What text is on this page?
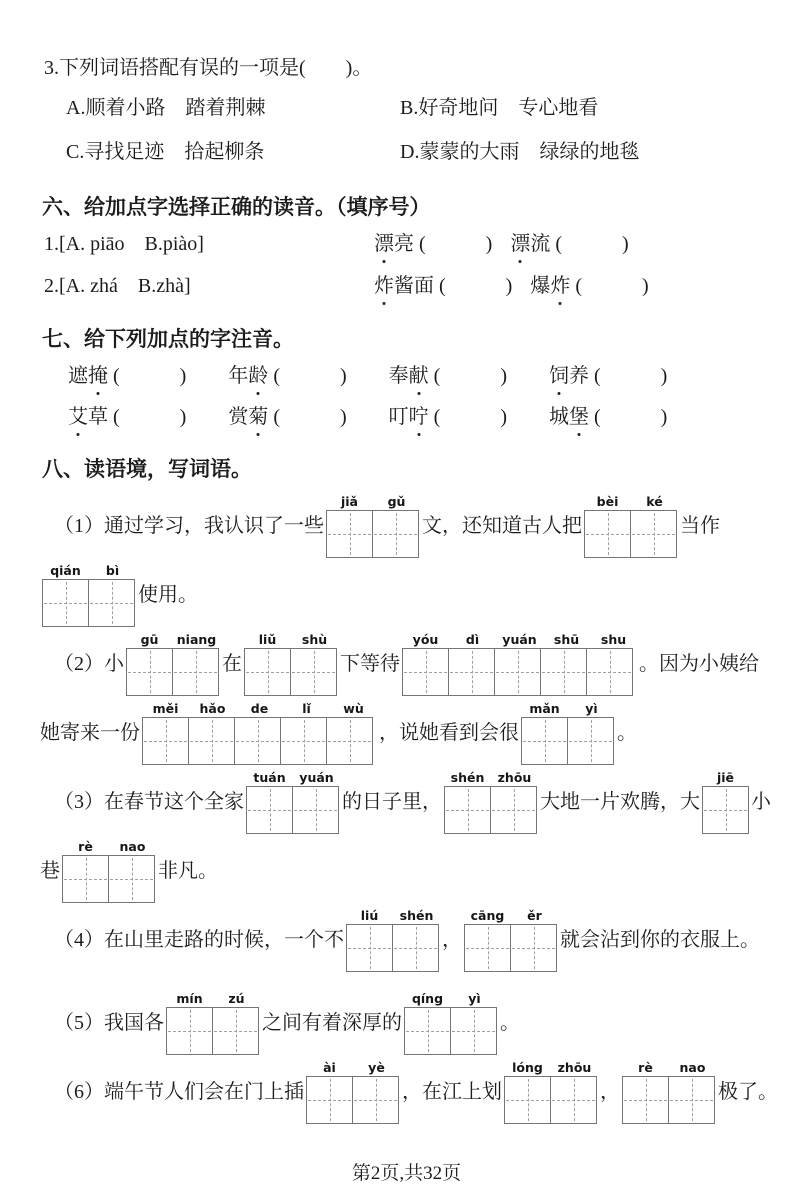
3.下列词语搭配有误的一项是(　　)。
A.顺着小路　踏着荆棘	B.好奇地问　专心地看
C.寻找足迹　拾起柳条	D.蒙蒙的大雨　绿绿的地毯
六、给加点字选择正确的读音。（填序号）
1.[A. piāo　B.piào]	漂亮 (　　　) 漂流 (　　　)
2.[A. zhá　B.zhà]	炸酱面 (　　　) 爆炸 (　　　)
七、给下列加点的字注音。
遮掩 (　　　) 年龄 (　　　) 奉献 (　　　) 饲养 (　　　)
艾草 (　　　) 赏菊 (　　　) 叮咛 (　　　) 城堡 (　　　)
八、读语境，写词语。
（1）通过学习，我认识了一些
jiǎ	gǔ
文，还知道古人把
bèi	ké
当作
qián	bì
使用。
（2）小
gū	niang
在
liǔ	shù
下等待
yóu	dì	yuán	shū	shu
。因为小姨给
她寄来一份
měi	hǎo	de	lǐ	wù
，说她看到会很
mǎn	yì
。
（3）在春节这个全家
tuán	yuán
的日子里，
shén	zhōu
大地一片欢腾，大
jiē
小
巷
rè	nao
非凡。
（4）在山里走路的时候，一个不
liú	shén
，
cāng	ěr
就会沾到你的衣服上。
（5）我国各
mín	zú
之间有着深厚的
qíng	yì
。
（6）端午节人们会在门上插
ài	yè
，在江上划
lóng	zhōu
，
rè	nao
极了。
第2页,共32页
